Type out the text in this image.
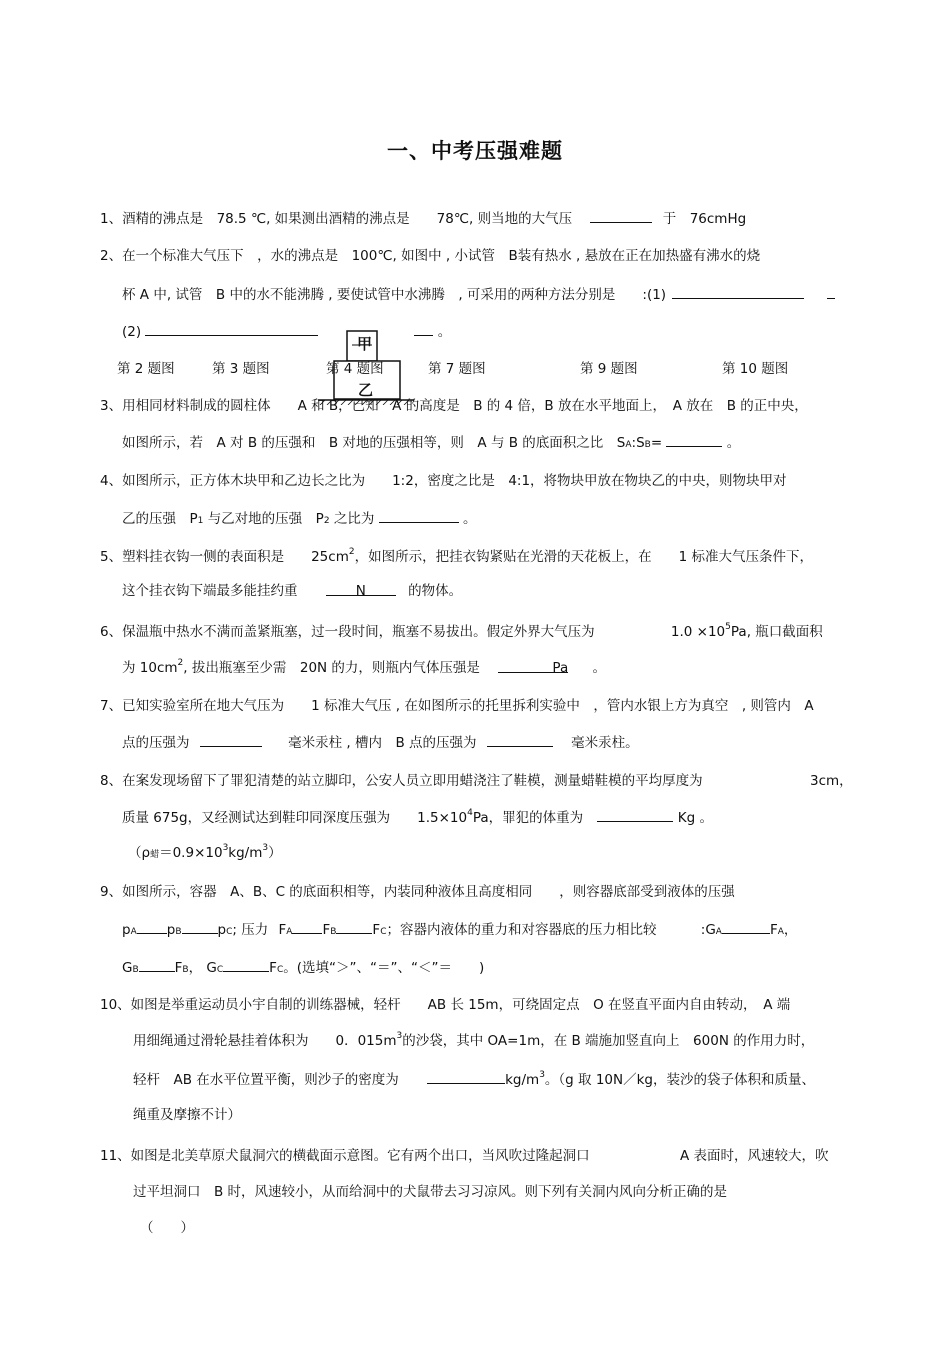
一、中考压强难题
1、酒精的沸点是　78.5 ℃, 如果测出酒精的沸点是　　78℃, 则当地的大气压	于　76cmHg
2、在一个标准大气压下　，水的沸点是　100℃, 如图中 , 小试管　B装有热水 , 悬放在正在加热盛有沸水的烧
杯 A 中, 试管　B 中的水不能沸腾 , 要使试管中水沸腾　, 可采用的两种方法分别是　　:(1)
(2)	。
甲
乙
第 2 题图	第 3 题图	第 4 题图	第 7 题图	第 9 题图	第 10 题图
3、用相同材料制成的圆柱体　　A 和 B，已知　A 的高度是　B 的 4 倍，B 放在水平地面上，　A 放在　B 的正中央，
如图所示，若　A 对 B 的压强和　B 对地的压强相等，则　A 与 B 的底面积之比　SA:SB=	。
4、如图所示，正方体木块甲和乙边长之比为　　1:2，密度之比是　4:1，将物块甲放在物块乙的中央，则物块甲对
乙的压强　P1 与乙对地的压强　P2 之比为	。
5、塑料挂衣钩一侧的表面积是　　$25cm^2$，如图所示，把挂衣钩紧贴在光滑的天花板上，在　　1 标准大气压条件下，
这个挂衣钩下端最多能挂约重	N	的物体。
6、保温瓶中热水不满而盖紧瓶塞，过一段时间，瓶塞不易拔出。假定外界大气压为	$1.0 \times 10^5Pa$, 瓶口截面积
为 $10cm^2$, 拔出瓶塞至少需　20N 的力，则瓶内气体压强是	Pa 。
7、已知实验室所在地大气压为　　1 标准大气压 , 在如图所示的托里拆利实验中　，管内水银上方为真空　, 则管内　A
点的压强为	毫米汞柱 , 槽内　B 点的压强为	毫米汞柱。
8、在案发现场留下了罪犯清楚的站立脚印，公安人员立即用蜡浇注了鞋模，测量蜡鞋模的平均厚度为	3cm，
质量 675g，又经测试达到鞋印同深度压强为　　$1.5\times 10^4Pa$，罪犯的体重为	Kg 。
（ρ蜡$=0.9\times 10^3kg/m^3$）
9、如图所示，容器　A、B、C 的底面积相等，内装同种液体且高度相同　　，则容器底部受到液体的压强
pA pB	pC; 压力 FA FB	FC；容器内液体的重力和对容器底的压力相比较	:GA	FA，
GB	FB， GC	FC。(选填“＞”、“＝”、“＜”＝　　)
10、如图是举重运动员小宇自制的训练器械，轻杆　　AB 长 15m，可绕固定点　O 在竖直平面内自由转动，　A 端
用细绳通过滑轮悬挂着体积为　　0．$015m^3$的沙袋，其中 OA=1m，在 B 端施加竖直向上　600N 的作用力时，
轻杆　AB 在水平位置平衡，则沙子的密度为	$kg/m^3$。（g 取 10N／kg，装沙的袋子体积和质量、
绳重及摩擦不计）
11、如图是北美草原犬鼠洞穴的横截面示意图。它有两个出口，当风吹过隆起洞口	A 表面时，风速较大，吹
过平坦洞口　B 时，风速较小，从而给洞中的犬鼠带去习习凉风。则下列有关洞内风向分析正确的是
（　　）
